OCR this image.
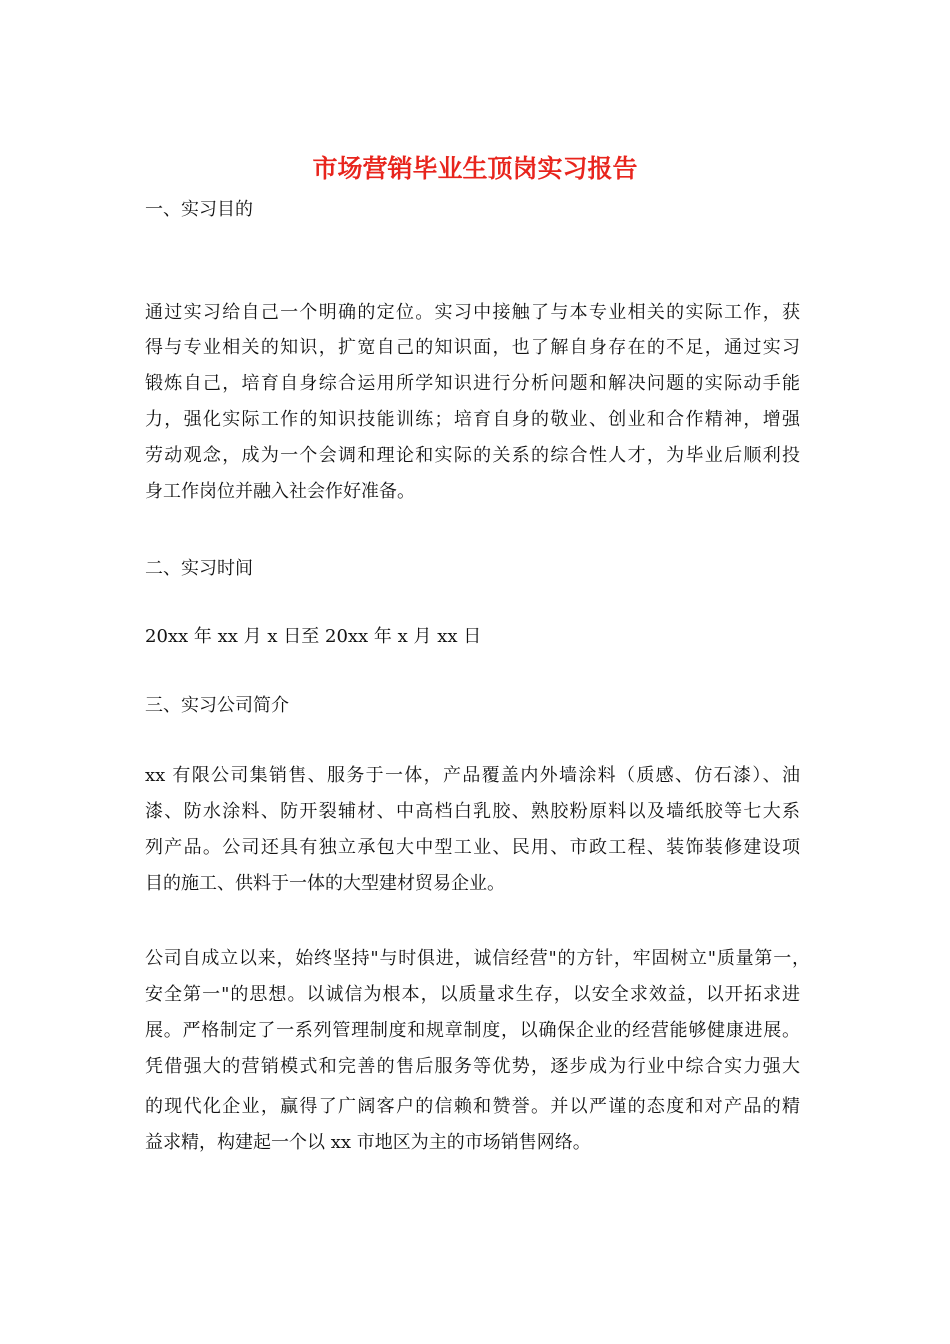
市场营销毕业生顶岗实习报告
一、实习目的
通过实习给自己一个明确的定位。实习中接触了与本专业相关的实际工作，获
得与专业相关的知识，扩宽自己的知识面，也了解自身存在的不足，通过实习
锻炼自己，培育自身综合运用所学知识进行分析问题和解决问题的实际动手能
力，强化实际工作的知识技能训练；培育自身的敬业、创业和合作精神，增强
劳动观念，成为一个会调和理论和实际的关系的综合性人才，为毕业后顺利投
身工作岗位并融入社会作好准备。
二、实习时间
20xx 年 xx 月 x 日至 20xx 年 x 月 xx 日
三、实习公司简介
xx 有限公司集销售、服务于一体，产品覆盖内外墙涂料（质感、仿石漆）、油
漆、防水涂料、防开裂辅材、中高档白乳胶、熟胶粉原料以及墙纸胶等七大系
列产品。公司还具有独立承包大中型工业、民用、市政工程、装饰装修建设项
目的施工、供料于一体的大型建材贸易企业。
公司自成立以来，始终坚持"与时俱进，诚信经营"的方针，牢固树立"质量第一，
安全第一"的思想。以诚信为根本，以质量求生存，以安全求效益，以开拓求进
展。严格制定了一系列管理制度和规章制度，以确保企业的经营能够健康进展。
凭借强大的营销模式和完善的售后服务等优势，逐步成为行业中综合实力强大
的现代化企业，赢得了广阔客户的信赖和赞誉。并以严谨的态度和对产品的精
益求精，构建起一个以 xx 市地区为主的市场销售网络。
